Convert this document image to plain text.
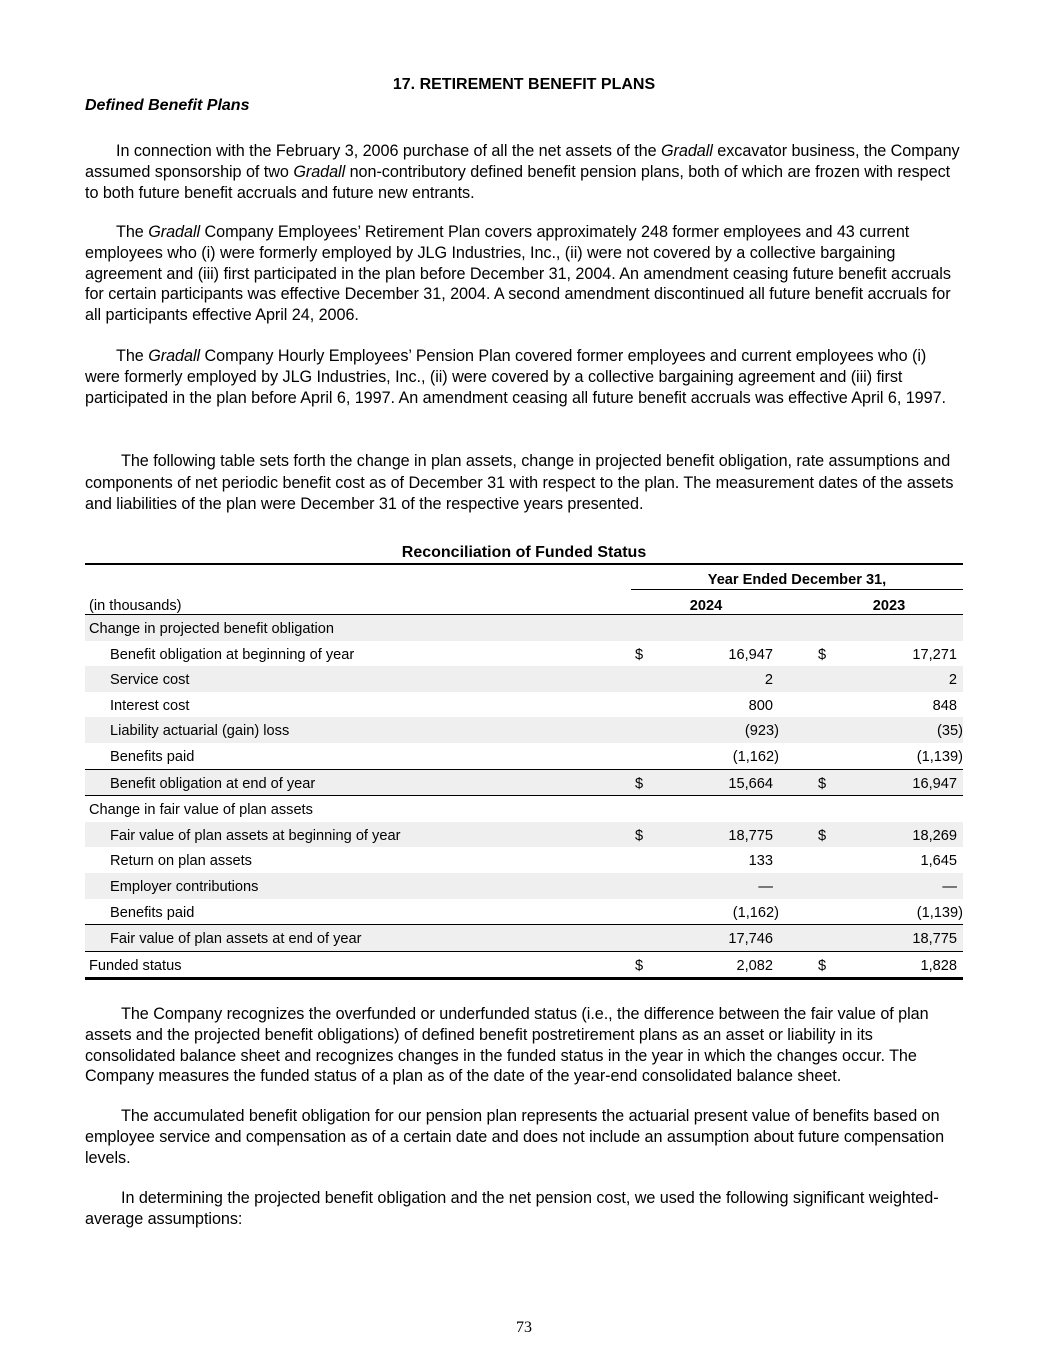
17. RETIREMENT BENEFIT PLANS
Defined Benefit Plans

In connection with the February 3, 2006 purchase of all the net assets of the Gradall excavator business, the Company assumed sponsorship of two Gradall non-contributory defined benefit pension plans, both of which are frozen with respect to both future benefit accruals and future new entrants.

The Gradall Company Employees’ Retirement Plan covers approximately 248 former employees and 43 current employees who (i) were formerly employed by JLG Industries, Inc., (ii) were not covered by a collective bargaining agreement and (iii) first participated in the plan before December 31, 2004. An amendment ceasing future benefit accruals for certain participants was effective December 31, 2004. A second amendment discontinued all future benefit accruals for all participants effective April 24, 2006.

The Gradall Company Hourly Employees’ Pension Plan covered former employees and current employees who (i) were formerly employed by JLG Industries, Inc., (ii) were covered by a collective bargaining agreement and (iii) first participated in the plan before April 6, 1997. An amendment ceasing all future benefit accruals was effective April 6, 1997.

The following table sets forth the change in plan assets, change in projected benefit obligation, rate assumptions and components of net periodic benefit cost as of December 31 with respect to the plan. The measurement dates of the assets and liabilities of the plan were December 31 of the respective years presented.

Reconciliation of Funded Status
Year Ended December 31,
(in thousands)	2024	2023
Change in projected benefit obligation
Benefit obligation at beginning of year	$	16,947	$	17,271
Service cost	2	2
Interest cost	800	848
Liability actuarial (gain) loss	(923)	(35)
Benefits paid	(1,162)	(1,139)
Benefit obligation at end of year	$	15,664	$	16,947
Change in fair value of plan assets
Fair value of plan assets at beginning of year	$	18,775	$	18,269
Return on plan assets	133	1,645
Employer contributions	—	—
Benefits paid	(1,162)	(1,139)
Fair value of plan assets at end of year	17,746	18,775
Funded status	$	2,082	$	1,828

The Company recognizes the overfunded or underfunded status (i.e., the difference between the fair value of plan assets and the projected benefit obligations) of defined benefit postretirement plans as an asset or liability in its consolidated balance sheet and recognizes changes in the funded status in the year in which the changes occur. The Company measures the funded status of a plan as of the date of the year-end consolidated balance sheet.

The accumulated benefit obligation for our pension plan represents the actuarial present value of benefits based on employee service and compensation as of a certain date and does not include an assumption about future compensation levels.

In determining the projected benefit obligation and the net pension cost, we used the following significant weighted-average assumptions:

73
